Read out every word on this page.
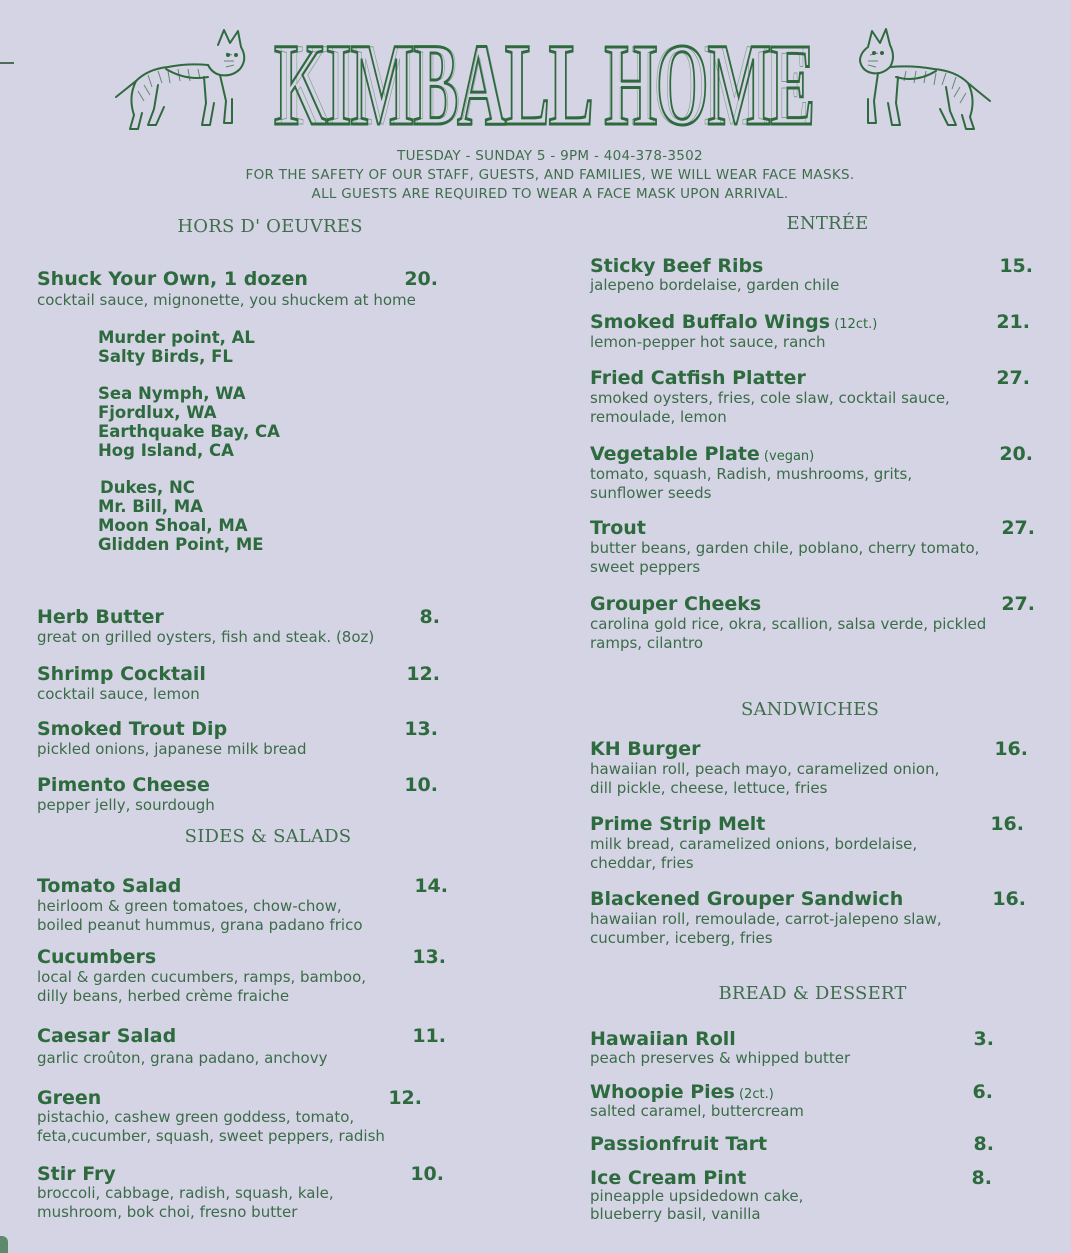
KIMBALL HOME
KIMBALL HOME
TUESDAY - SUNDAY 5 - 9PM - 404-378-3502
FOR THE SAFETY OF OUR STAFF, GUESTS, AND FAMILIES, WE WILL WEAR FACE MASKS.
ALL GUESTS ARE REQUIRED TO WEAR A FACE MASK UPON ARRIVAL.
HORS D' OEUVRES
Shuck Your Own, 1 dozen	20.
cocktail sauce, mignonette, you shuckem at home
Murder point, AL
Salty Birds, FL
Sea Nymph, WA
Fjordlux, WA
Earthquake Bay, CA
Hog Island, CA
Dukes, NC
Mr. Bill, MA
Moon Shoal, MA
Glidden Point, ME
Herb Butter	8.
great on grilled oysters, fish and steak. (8oz)
Shrimp Cocktail	12.
cocktail sauce, lemon
Smoked Trout Dip	13.
pickled onions, japanese milk bread
Pimento Cheese	10.
pepper jelly, sourdough
SIDES & SALADS
Tomato Salad	14.
heirloom & green tomatoes, chow-chow,
boiled peanut hummus, grana padano frico
Cucumbers	13.
local & garden cucumbers, ramps, bamboo,
dilly beans, herbed crème fraiche
Caesar Salad	11.
garlic croûton, grana padano, anchovy
Green	12.
pistachio, cashew green goddess, tomato,
feta,cucumber, squash, sweet peppers, radish
Stir Fry	10.
broccoli, cabbage, radish, squash, kale,
mushroom, bok choi, fresno butter
ENTRÉE
Sticky Beef Ribs	15.
jalepeno bordelaise, garden chile
Smoked Buffalo Wings (12ct.)	21.
lemon-pepper hot sauce, ranch
Fried Catfish Platter	27.
smoked oysters, fries, cole slaw, cocktail sauce,
remoulade, lemon
Vegetable Plate (vegan)	20.
tomato, squash, Radish, mushrooms, grits,
sunflower seeds
Trout	27.
butter beans, garden chile, poblano, cherry tomato,
sweet peppers
Grouper Cheeks	27.
carolina gold rice, okra, scallion, salsa verde, pickled
ramps, cilantro
SANDWICHES
KH Burger	16.
hawaiian roll, peach mayo, caramelized onion,
dill pickle, cheese, lettuce, fries
Prime Strip Melt	16.
milk bread, caramelized onions, bordelaise,
cheddar, fries
Blackened Grouper Sandwich	16.
hawaiian roll, remoulade, carrot-jalepeno slaw,
cucumber, iceberg, fries
BREAD & DESSERT
Hawaiian Roll	3.
peach preserves & whipped butter
Whoopie Pies (2ct.)	6.
salted caramel, buttercream
Passionfruit Tart	8.
Ice Cream Pint	8.
pineapple upsidedown cake,
blueberry basil, vanilla
